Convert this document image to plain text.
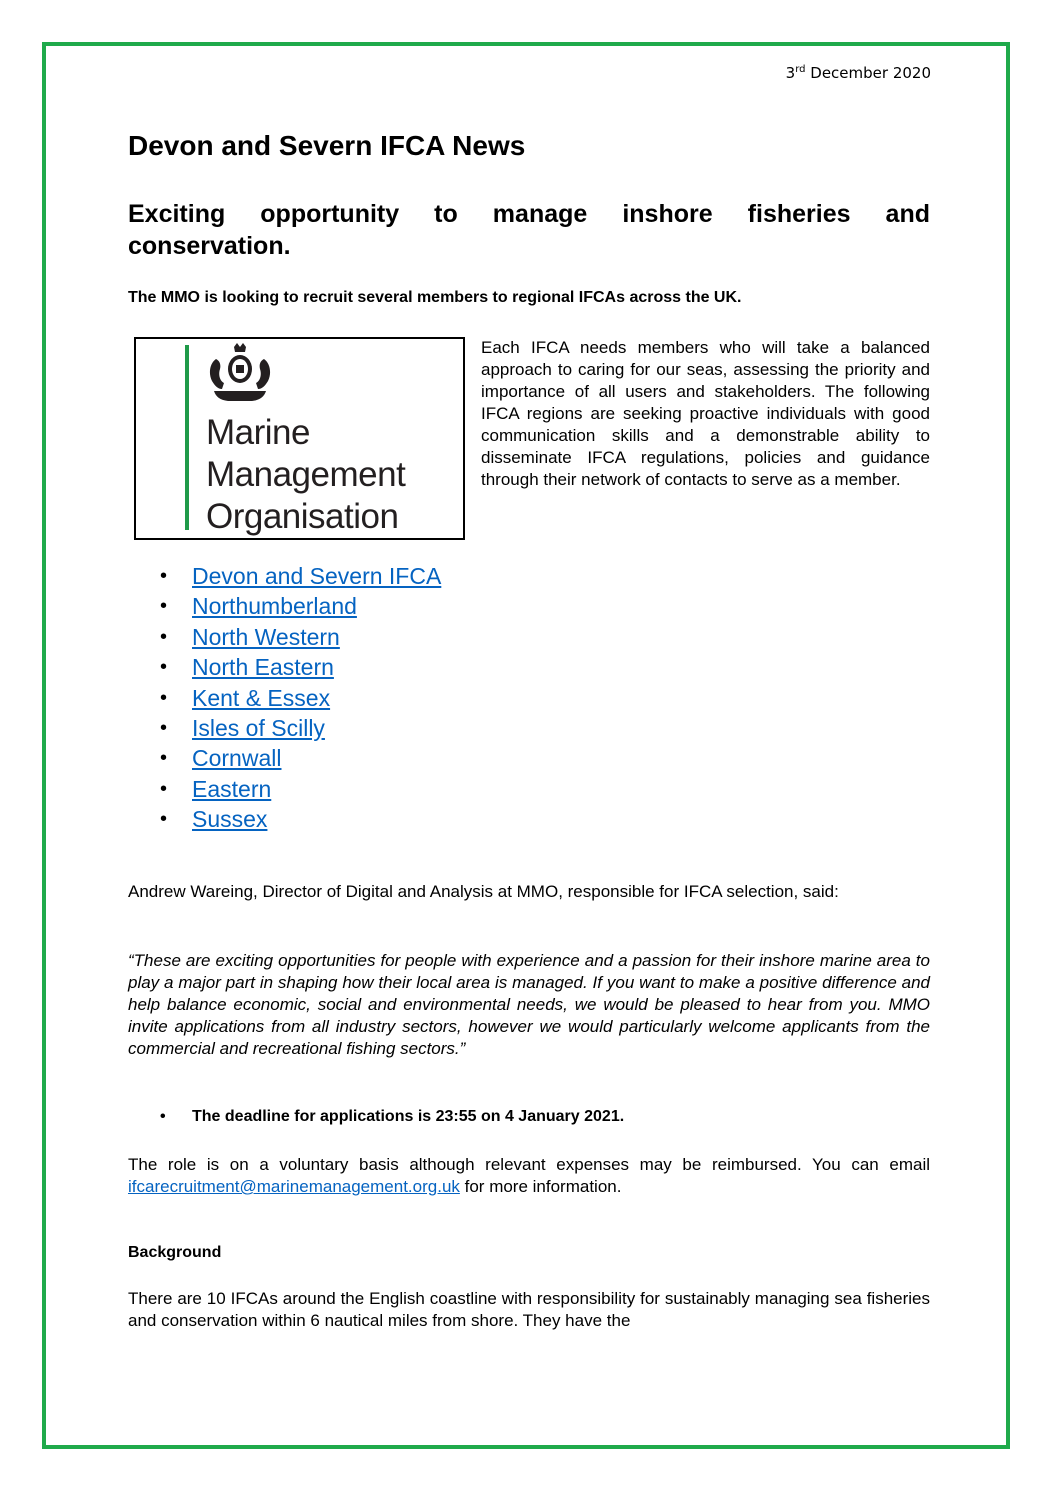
3rd December 2020
Devon and Severn IFCA News
Exciting opportunity to manage inshore fisheries and conservation.

The MMO is looking to recruit several members to regional IFCAs across the UK.

Marine
Management
Organisation

Each IFCA needs members who will take a balanced approach to caring for our seas, assessing the priority and importance of all users and stakeholders. The following IFCA regions are seeking proactive individuals with good communication skills and a demonstrable ability to disseminate IFCA regulations, policies and guidance through their network of contacts to serve as a member.

• Devon and Severn IFCA
• Northumberland
• North Western
• North Eastern
• Kent & Essex
• Isles of Scilly
• Cornwall
• Eastern
• Sussex

Andrew Wareing, Director of Digital and Analysis at MMO, responsible for IFCA selection, said:

“These are exciting opportunities for people with experience and a passion for their inshore marine area to play a major part in shaping how their local area is managed. If you want to make a positive difference and help balance economic, social and environmental needs, we would be pleased to hear from you. MMO invite applications from all industry sectors, however we would particularly welcome applicants from the commercial and recreational fishing sectors.”

• The deadline for applications is 23:55 on 4 January 2021.

The role is on a voluntary basis although relevant expenses may be reimbursed. You can email ifcarecruitment@marinemanagement.org.uk for more information.

Background

There are 10 IFCAs around the English coastline with responsibility for sustainably managing sea fisheries and conservation within 6 nautical miles from shore. They have the
